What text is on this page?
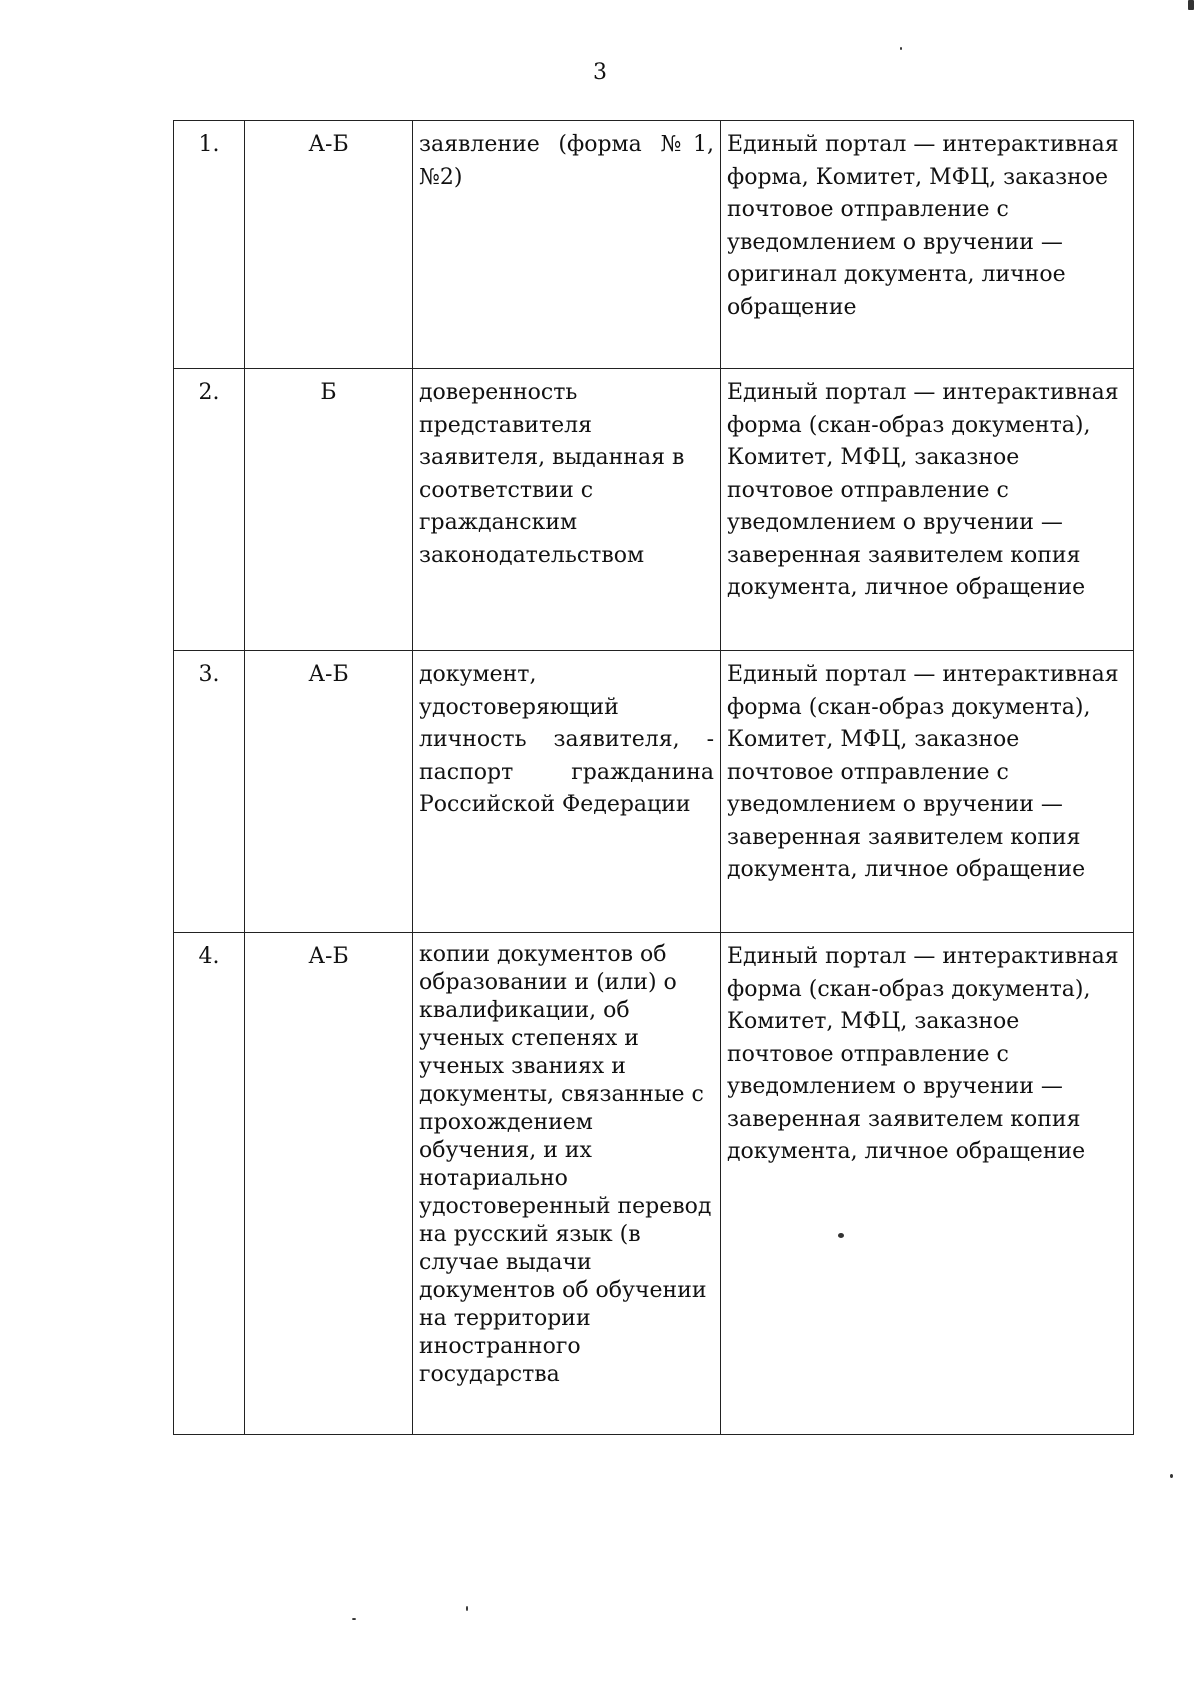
3
1.	А-Б	заявление (форма №1, №2)	Единый портал — интерактивная форма, Комитет, МФЦ, заказное почтовое отправление с уведомлением о вручении — оригинал документа, личное обращение
2.	Б	доверенность представителя заявителя, выданная в соответствии с гражданским законодательством	Единый портал — интерактивная форма (скан-образ документа), Комитет, МФЦ, заказное почтовое отправление с уведомлением о вручении — заверенная заявителем копия документа, личное обращение
3.	А-Б	документ, удостоверяющий личность заявителя, - паспорт гражданина Российской Федерации	Единый портал — интерактивная форма (скан-образ документа), Комитет, МФЦ, заказное почтовое отправление с уведомлением о вручении — заверенная заявителем копия документа, личное обращение
4.	А-Б	копии документов об образовании и (или) о квалификации, об ученых степенях и ученых званиях и документы, связанные с прохождением обучения, и их нотариально удостоверенный перевод на русский язык (в случае выдачи документов об обучении на территории иностранного государства	Единый портал — интерактивная форма (скан-образ документа), Комитет, МФЦ, заказное почтовое отправление с уведомлением о вручении — заверенная заявителем копия документа, личное обращение
